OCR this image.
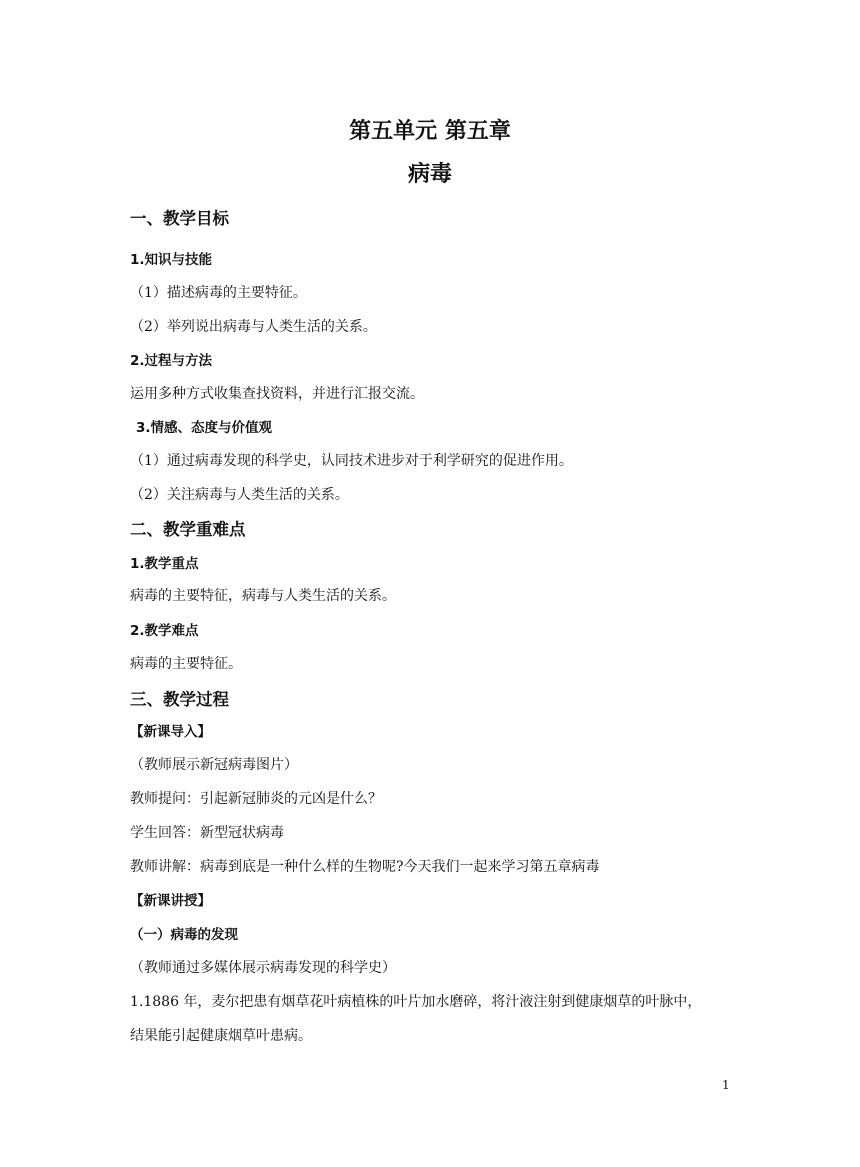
第五单元 第五章
病毒
一、教学目标
1.知识与技能
（1）描述病毒的主要特征。
（2）举列说出病毒与人类生活的关系。
2.过程与方法
运用多种方式收集查找资料，并进行汇报交流。
3.情感、态度与价值观
（1）通过病毒发现的科学史，认同技术进步对于利学研究的促进作用。
（2）关注病毒与人类生活的关系。
二、教学重难点
1.教学重点
病毒的主要特征，病毒与人类生活的关系。
2.教学难点
病毒的主要特征。
三、教学过程
【新课导入】
（教师展示新冠病毒图片）
教师提问：引起新冠肺炎的元凶是什么？
学生回答：新型冠状病毒
教师讲解：病毒到底是一种什么样的生物呢?今天我们一起来学习第五章病毒
【新课讲授】
（一）病毒的发现
（教师通过多媒体展示病毒发现的科学史）
1.1886 年，麦尔把患有烟草花叶病植株的叶片加水磨碎，将汁液注射到健康烟草的叶脉中，
结果能引起健康烟草叶患病。
1
